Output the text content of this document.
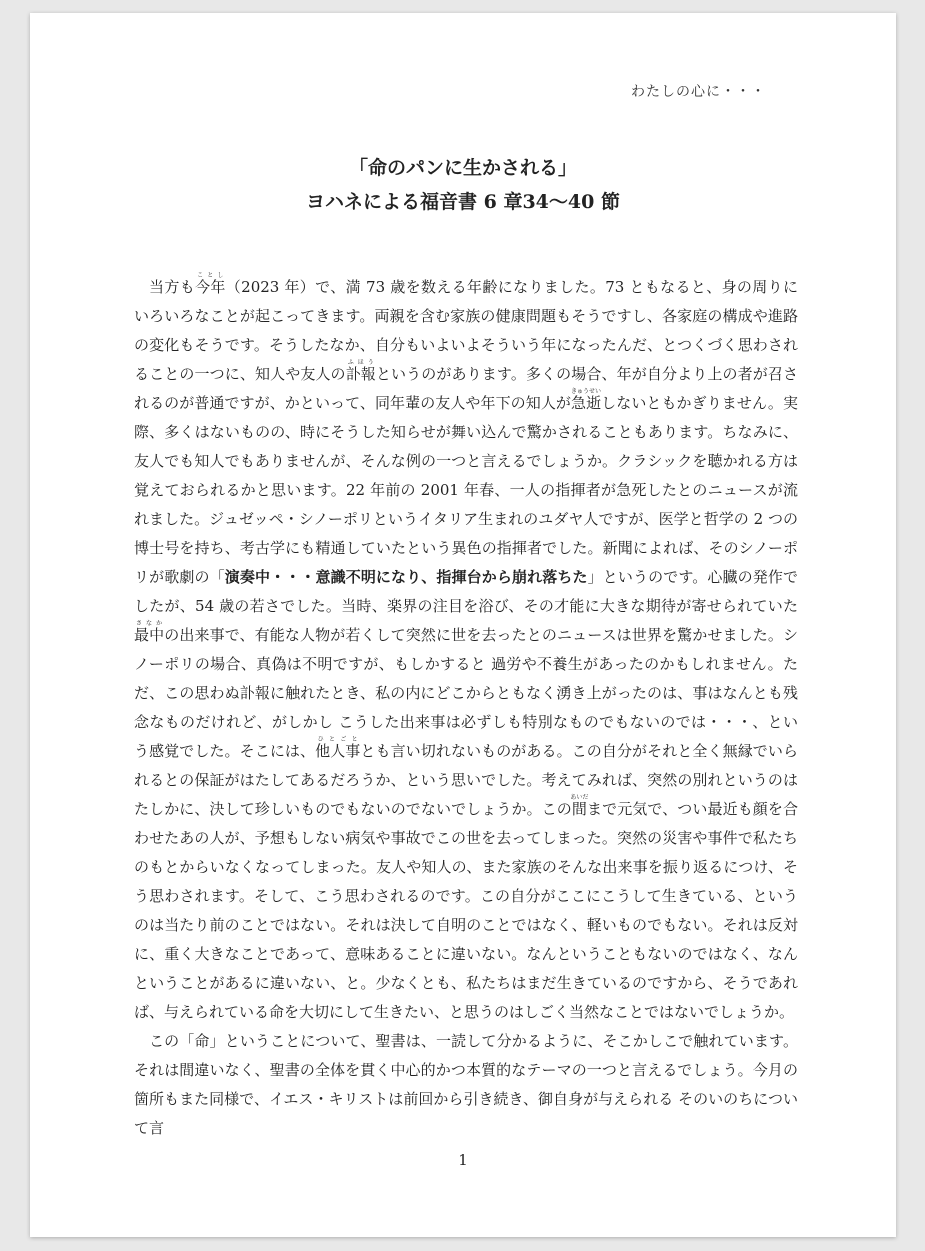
わたしの心に・・・
「命のパンに生かされる」
ヨハネによる福音書 6 章34〜40 節

当方も今年ことし（2023 年）で、満 73 歳を数える年齢になりました。73 ともなると、身の周りにいろいろなことが起こってきます。両親を含む家族の健康問題もそうですし、各家庭の構成や進路の変化もそうです。そうしたなか、自分もいよいよそういう年になったんだ、とつくづく思わされることの一つに、知人や友人の訃報ふほうというのがあります。多くの場合、年が自分より上の者が召されるのが普通ですが、かといって、同年輩の友人や年下の知人が急逝きゅうせいしないともかぎりません。実際、多くはないものの、時にそうした知らせが舞い込んで驚かされることもあります。ちなみに、友人でも知人でもありませんが、そんな例の一つと言えるでしょうか。クラシックを聴かれる方は覚えておられるかと思います。22 年前の 2001 年春、一人の指揮者が急死したとのニュースが流れました。ジュゼッペ・シノーポリというイタリア生まれのユダヤ人ですが、医学と哲学の 2 つの博士号を持ち、考古学にも精通していたという異色の指揮者でした。新聞によれば、そのシノーポリが歌劇の「演奏中・・・意識不明になり、指揮台から崩れ落ちた」というのです。心臓の発作でしたが、54 歳の若さでした。当時、楽界の注目を浴び、その才能に大きな期待が寄せられていた最中さなかの出来事で、有能な人物が若くして突然に世を去ったとのニュースは世界を驚かせました。シノーポリの場合、真偽は不明ですが、もしかすると 過労や不養生があったのかもしれません。ただ、この思わぬ訃報に触れたとき、私の内にどこからともなく湧き上がったのは、事はなんとも残念なものだけれど、がしかし こうした出来事は必ずしも特別なものでもないのでは・・・、という感覚でした。そこには、他人事ひとごととも言い切れないものがある。この自分がそれと全く無縁でいられるとの保証がはたしてあるだろうか、という思いでした。考えてみれば、突然の別れというのは たしかに、決して珍しいものでもないのでないでしょうか。この間あいだまで元気で、つい最近も顔を合わせたあの人が、予想もしない病気や事故でこの世を去ってしまった。突然の災害や事件で私たちのもとからいなくなってしまった。友人や知人の、また家族のそんな出来事を振り返るにつけ、そう思わされます。そして、こう思わされるのです。この自分がここにこうして生きている、というのは当たり前のことではない。それは決して自明のことではなく、軽いものでもない。それは反対に、重く大きなことであって、意味あることに違いない。なんということもないのではなく、なんということがあるに違いない、と。少なくとも、私たちはまだ生きているのですから、そうであれば、与えられている命を大切にして生きたい、と思うのはしごく当然なことではないでしょうか。

この「命」ということについて、聖書は、一読して分かるように、そこかしこで触れています。それは間違いなく、聖書の全体を貫く中心的かつ本質的なテーマの一つと言えるでしょう。今月の箇所もまた同様で、イエス・キリストは前回から引き続き、御自身が与えられる そのいのちについて言

1
